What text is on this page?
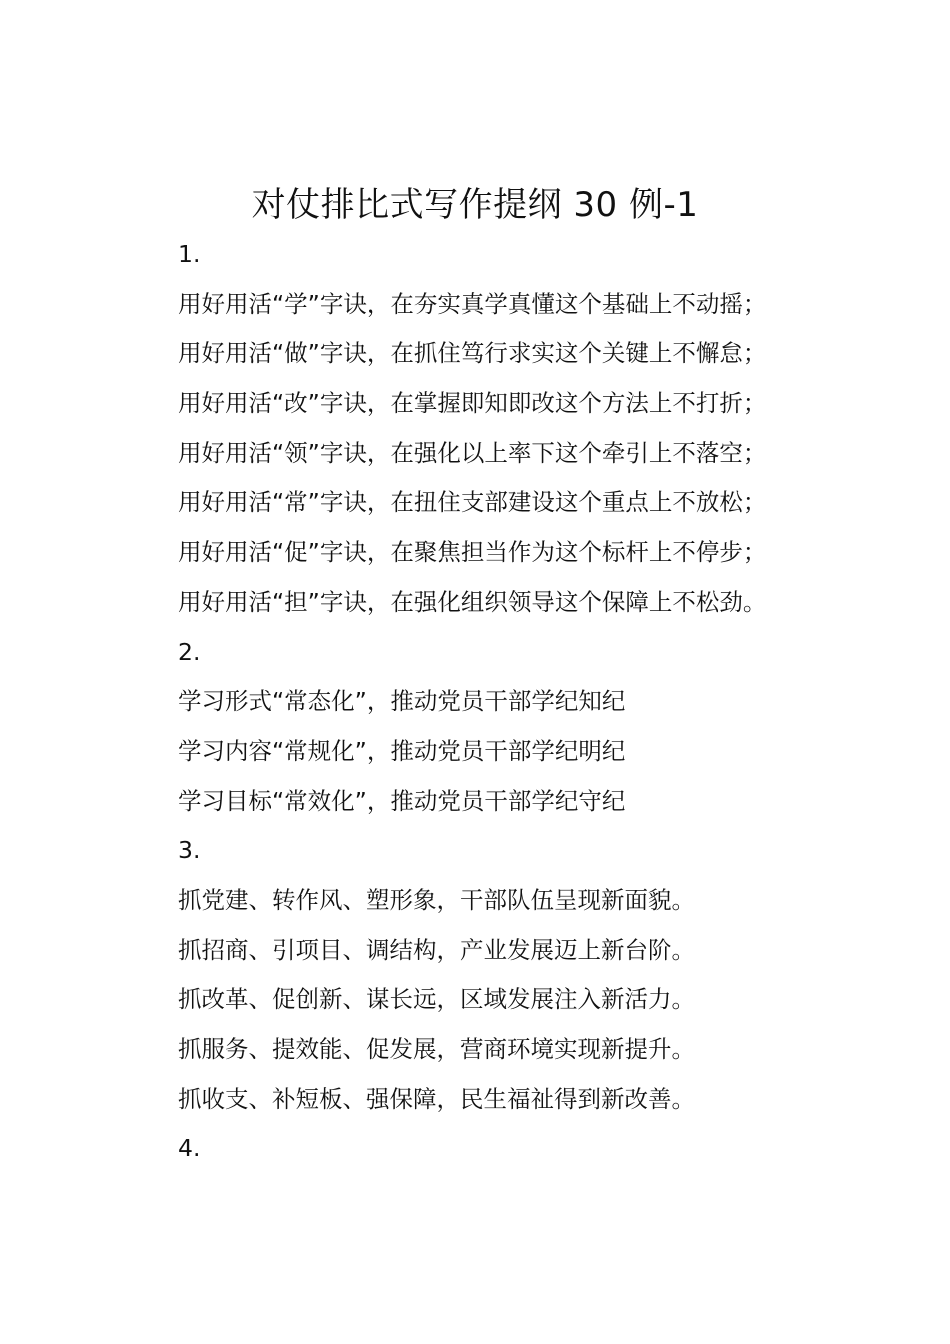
对仗排比式写作提纲 30 例-1
1.
用好用活“学”字诀，在夯实真学真懂这个基础上不动摇；
用好用活“做”字诀，在抓住笃行求实这个关键上不懈怠；
用好用活“改”字诀，在掌握即知即改这个方法上不打折；
用好用活“领”字诀，在强化以上率下这个牵引上不落空；
用好用活“常”字诀，在扭住支部建设这个重点上不放松；
用好用活“促”字诀，在聚焦担当作为这个标杆上不停步；
用好用活“担”字诀，在强化组织领导这个保障上不松劲。
2.
学习形式“常态化”，推动党员干部学纪知纪
学习内容“常规化”，推动党员干部学纪明纪
学习目标“常效化”，推动党员干部学纪守纪
3.
抓党建、转作风、塑形象，干部队伍呈现新面貌。
抓招商、引项目、调结构，产业发展迈上新台阶。
抓改革、促创新、谋长远，区域发展注入新活力。
抓服务、提效能、促发展，营商环境实现新提升。
抓收支、补短板、强保障，民生福祉得到新改善。
4.
